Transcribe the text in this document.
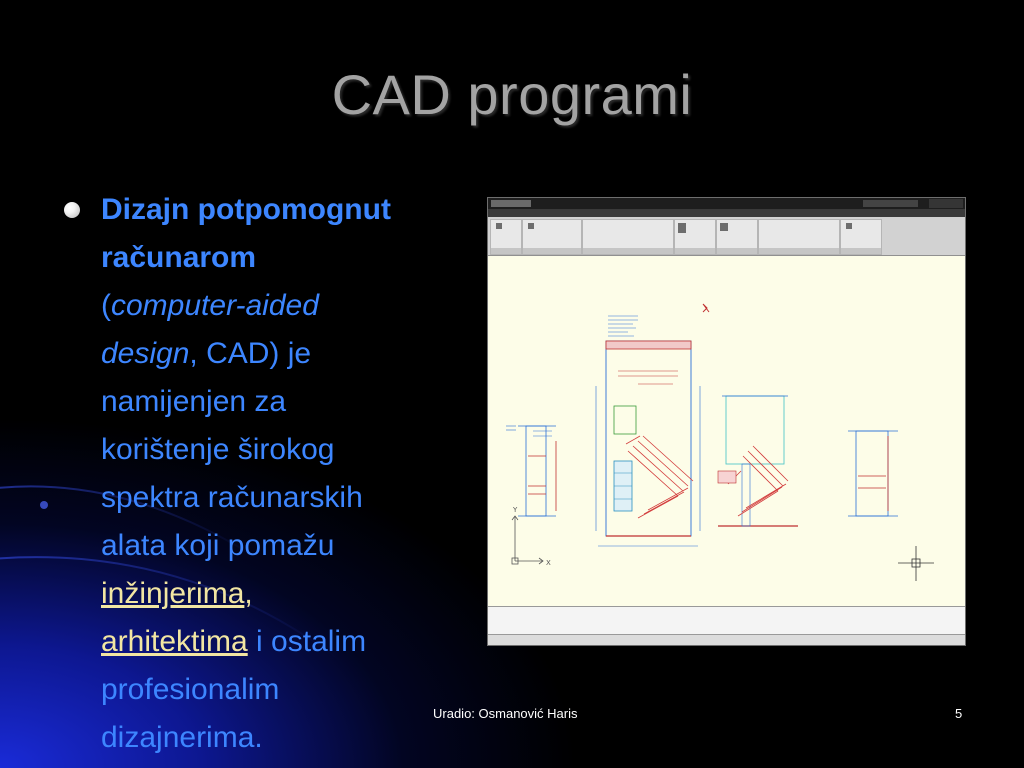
CAD programi

Dizajn potpomognut
računarom
(computer-aided
design, CAD) je
namijenjen za
korištenje širokog
spektra računarskih
alata koji pomažu
inžinjerima,
arhitektima i ostalim
profesionalim
dizajnerima.

Y
X
Uradio: Osmanović Haris	5
